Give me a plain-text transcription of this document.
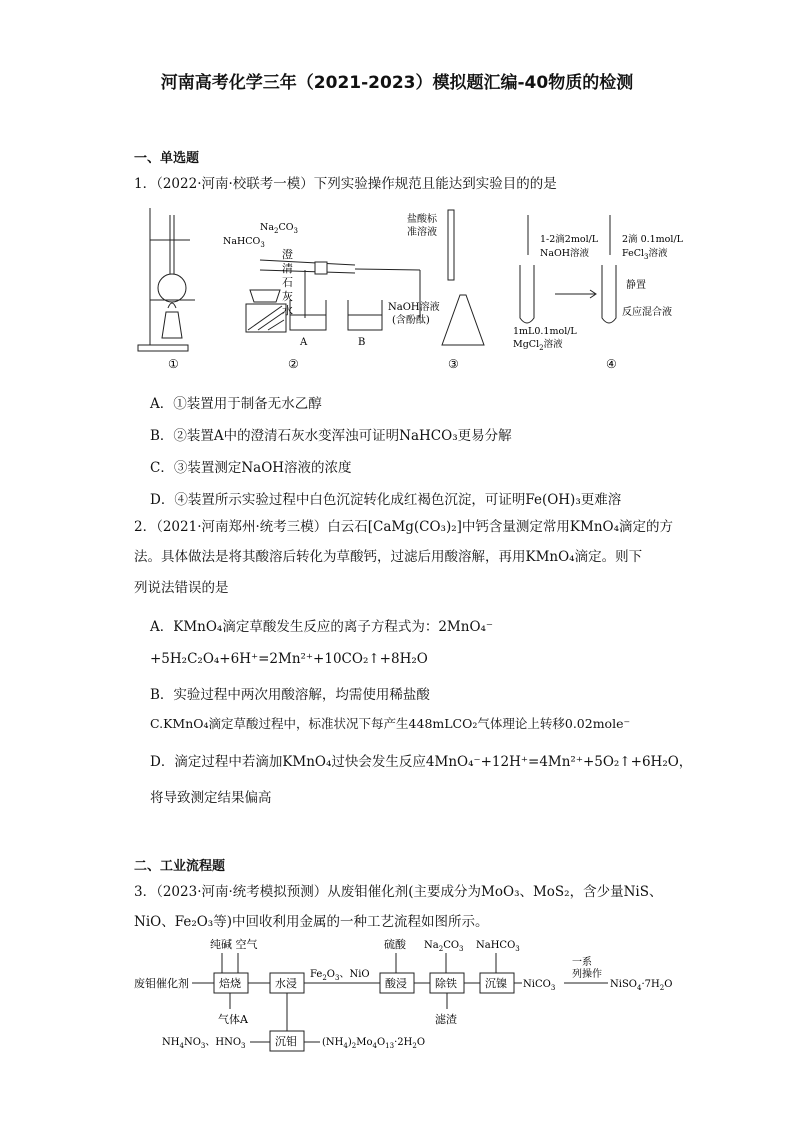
河南高考化学三年（2021-2023）模拟题汇编-40物质的检测
一、单选题
1．（2022·河南·校联考一模）下列实验操作规范且能达到实验目的的是
①
NaHCO$_3$
$Na_2CO_3$
A	B
澄
清
石
灰
水
②
盐酸标
准溶液
NaOH溶液
(含酚酞)
③
1-2滴2mol/L
NaOH溶液
2滴 0.1mol/L
FeCl$_3$溶液
1mL0.1mol/L
MgCl$_2$溶液
静置
反应混合液
④
A．①装置用于制备无水乙醇
B．②装置A中的澄清石灰水变浑浊可证明NaHCO₃更易分解
C．③装置测定NaOH溶液的浓度
D．④装置所示实验过程中白色沉淀转化成红褐色沉淀，可证明Fe(OH)₃更难溶
2．（2021·河南郑州·统考三模）白云石[CaMg(CO₃)₂]中钙含量测定常用KMnO₄滴定的方
法。具体做法是将其酸溶后转化为草酸钙，过滤后用酸溶解，再用KMnO₄滴定。则下
列说法错误的是
A．KMnO₄滴定草酸发生反应的离子方程式为：2MnO₄⁻
+5H₂C₂O₄+6H⁺=2Mn²⁺+10CO₂↑+8H₂O
B．实验过程中两次用酸溶解，均需使用稀盐酸
C.KMnO₄滴定草酸过程中，标准状况下每产生448mLCO₂气体理论上转移0.02mole⁻
D．滴定过程中若滴加KMnO₄过快会发生反应4MnO₄⁻+12H⁺=4Mn²⁺+5O₂↑+6H₂O，
将导致测定结果偏高
二、工业流程题
3．（2023·河南·统考模拟预测）从废钼催化剂(主要成分为MoO₃、MoS₂，含少量NiS、
NiO、Fe₂O₃等)中回收利用金属的一种工艺流程如图所示。
废钼催化剂
纯碱 空气
焙烧
气体A
水浸
$Fe_2O_3$、NiO
硫酸
酸浸
$Na_2CO_3$
除铁
滤渣
NaHCO$_3$
沉镍 NiCO$_3$
一系
列操作
$NiSO_4\cdot 7H_2O$
$NH_4NO_3$、$HNO_3$	沉钼	$(NH_4)_2Mo_4O_{13}\cdot 2H_2O$
